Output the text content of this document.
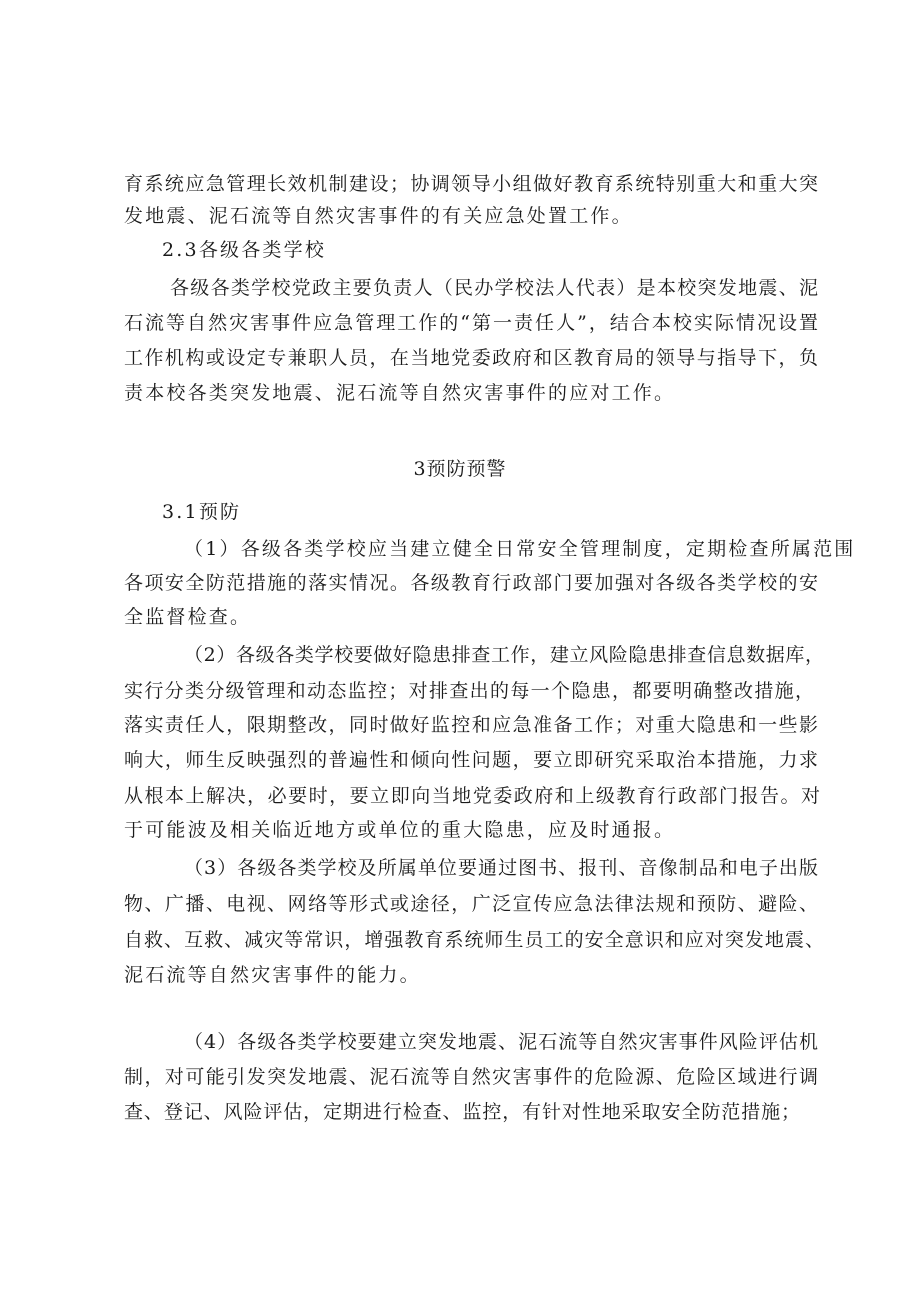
育系统应急管理长效机制建设；协调领导小组做好教育系统特别重大和重大突
发地震、泥石流等自然灾害事件的有关应急处置工作。
2.3各级各类学校
各级各类学校党政主要负责人（民办学校法人代表）是本校突发地震、泥
石流等自然灾害事件应急管理工作的“第一责任人”，结合本校实际情况设置
工作机构或设定专兼职人员，在当地党委政府和区教育局的领导与指导下，负
责本校各类突发地震、泥石流等自然灾害事件的应对工作。
3预防预警
3.1预防
（1）各级各类学校应当建立健全日常安全管理制度，定期检查所属范围
各项安全防范措施的落实情况。各级教育行政部门要加强对各级各类学校的安
全监督检查。
（2）各级各类学校要做好隐患排查工作，建立风险隐患排查信息数据库，
实行分类分级管理和动态监控；对排查出的每一个隐患，都要明确整改措施，
落实责任人，限期整改，同时做好监控和应急准备工作；对重大隐患和一些影
响大，师生反映强烈的普遍性和倾向性问题，要立即研究采取治本措施，力求
从根本上解决，必要时，要立即向当地党委政府和上级教育行政部门报告。对
于可能波及相关临近地方或单位的重大隐患，应及时通报。
（3）各级各类学校及所属单位要通过图书、报刊、音像制品和电子出版
物、广播、电视、网络等形式或途径，广泛宣传应急法律法规和预防、避险、
自救、互救、减灾等常识，增强教育系统师生员工的安全意识和应对突发地震、
泥石流等自然灾害事件的能力。
（4）各级各类学校要建立突发地震、泥石流等自然灾害事件风险评估机
制，对可能引发突发地震、泥石流等自然灾害事件的危险源、危险区域进行调
查、登记、风险评估，定期进行检查、监控，有针对性地采取安全防范措施；
